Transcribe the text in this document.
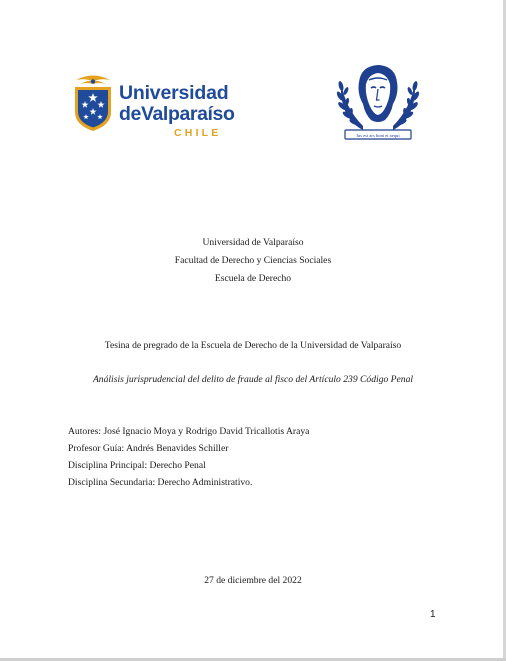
Universidad
deValparaíso
CHILE	Ius est ars boni et aequi
Universidad de Valparaíso
Facultad de Derecho y Ciencias Sociales
Escuela de Derecho
Tesina de pregrado de la Escuela de Derecho de la Universidad de Valparaíso
Análisis jurisprudencial del delito de fraude al fisco del Artículo 239 Código Penal
Autores: José Ignacio Moya y Rodrigo David Tricallotis Araya
Profesor Guía: Andrés Benavides Schiller
Disciplina Principal: Derecho Penal
Disciplina Secundaria: Derecho Administrativo.
27 de diciembre del 2022
1
